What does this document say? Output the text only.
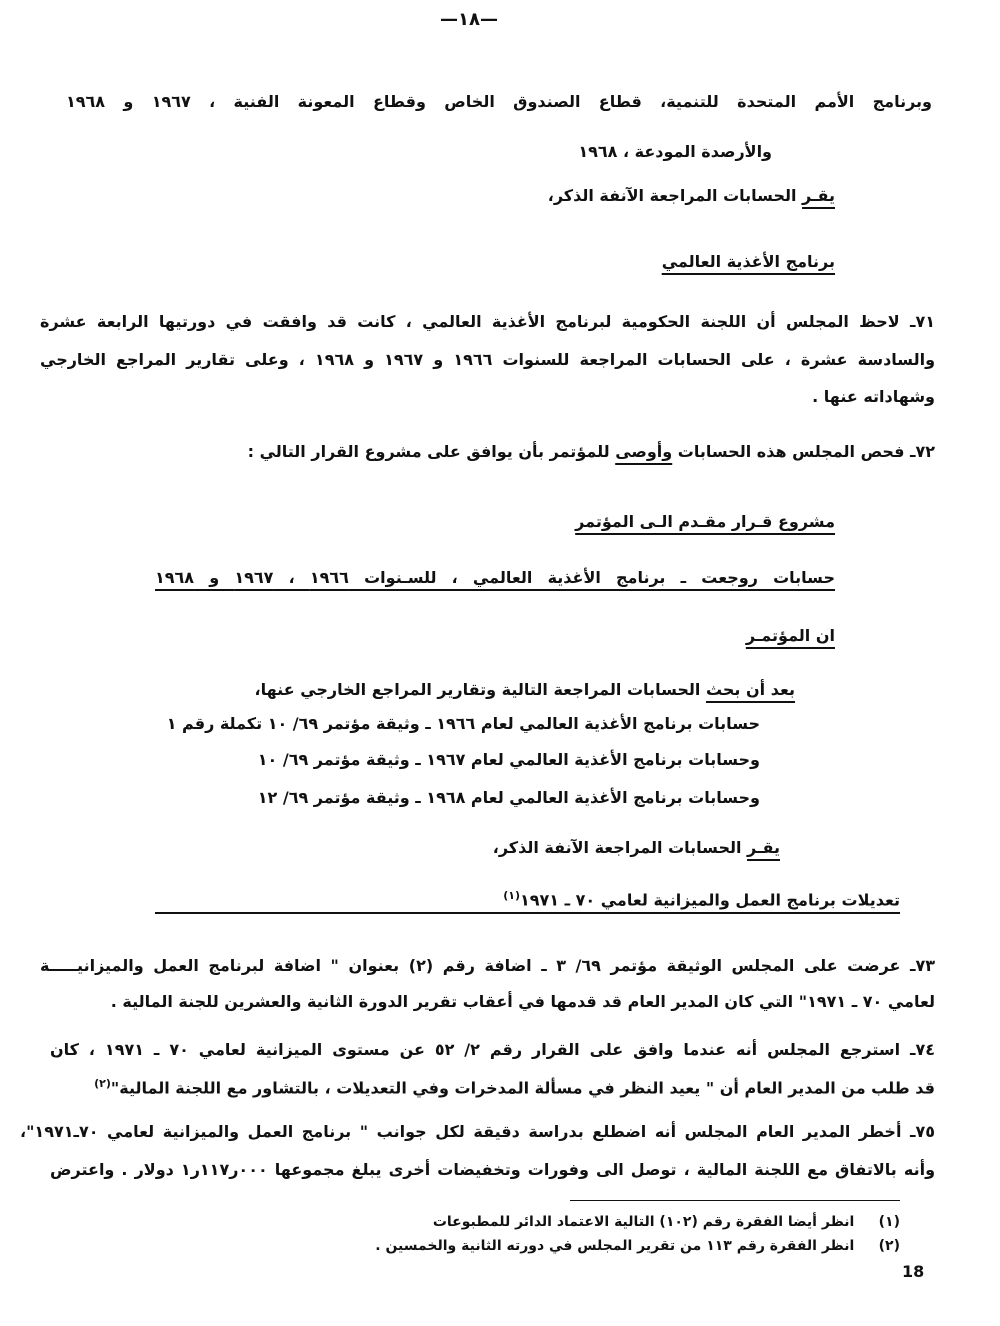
—١٨—
وبرنامج الأمم المتحدة للتنمية، قطاع الصندوق الخاص وقطاع المعونة الفنية ، ١٩٦٧ و ١٩٦٨
والأرصدة المودعة ، ١٩٦٨
يقـر الحسابات المراجعة الآنفة الذكر،
برنامج الأغذية العالمي
٧١ـ لاحظ المجلس أن اللجنة الحكومية لبرنامج الأغذية العالمي ، كانت قد وافقت في دورتيها الرابعة عشرة
والسادسة عشرة ، على الحسابات المراجعة للسنوات ١٩٦٦ و ١٩٦٧ و ١٩٦٨ ، وعلى تقارير المراجع الخارجي
وشهاداته عنها .
٧٢ـ فحص المجلس هذه الحسابات وأوصى للمؤتمر بأن يوافق على مشروع القرار التالي :
مشروع قـرار مقـدم الـى المؤتمر
حسابات روجعت ـ برنامج الأغذية العالمي ، للسـنوات ١٩٦٦ ، ١٩٦٧ و ١٩٦٨
ان المؤتمـر
بعد أن بحث الحسابات المراجعة التالية وتقارير المراجع الخارجي عنها،
حسابات برنامج الأغذية العالمي لعام ١٩٦٦ ـ وثيقة مؤتمر ٦٩/ ١٠ تكملة رقم ١
وحسابات برنامج الأغذية العالمي لعام ١٩٦٧ ـ وثيقة مؤتمر ٦٩/ ١٠
وحسابات برنامج الأغذية العالمي لعام ١٩٦٨ ـ وثيقة مؤتمر ٦٩/ ١٢
يقـر الحسابات المراجعة الآنفة الذكر،
تعديلات برنامج العمل والميزانية لعامي ٧٠ ـ ١٩٧١$^{(١)}$
٧٣ـ عرضت على المجلس الوثيقة مؤتمر ٦٩/ ٣ ـ اضافة رقم (٢) بعنوان " اضافة لبرنامج العمل والميزانيـــــة
لعامي ٧٠ ـ ١٩٧١" التي كان المدير العام قد قدمها في أعقاب تقرير الدورة الثانية والعشرين للجنة المالية .
٧٤ـ استرجع المجلس أنه عندما وافق على القرار رقم ٢/ ٥٢ عن مستوى الميزانية لعامي ٧٠ ـ ١٩٧١ ، كان
قد طلب من المدير العام أن " يعيد النظر في مسألة المدخرات وفي التعديلات ، بالتشاور مع اللجنة المالية"$^{(٢)}$
٧٥ـ أخطر المدير العام المجلس أنه اضطلع بدراسة دقيقة لكل جوانب " برنامج العمل والميزانية لعامي ٧٠ـ١٩٧١"،
وأنه بالاتفاق مع اللجنة المالية ، توصل الى وفورات وتخفيضات أخرى يبلغ مجموعها ٠٠٠ر١١٧ر١ دولار . واعترض
(١)     انظر أيضا الفقرة رقم (١٠٢) التالية الاعتماد الدائر للمطبوعات
(٢)     انظر الفقرة رقم ١١٣ من تقرير المجلس في دورته الثانية والخمسين .
18
